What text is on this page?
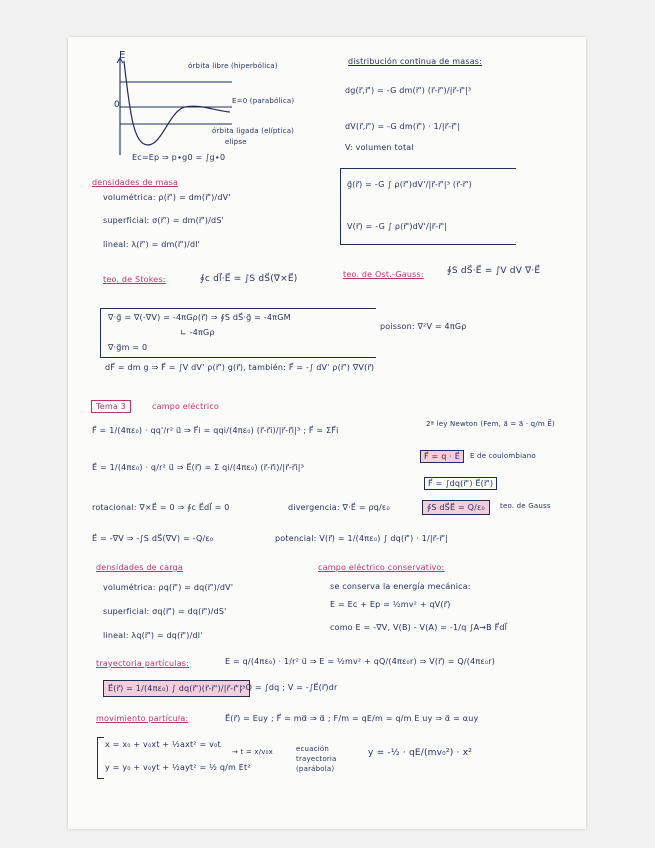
E
0
órbita libre (hiperbólica)
E=0 (parabólica)
órbita ligada (elíptica)
elipse
Ec=Ep ⇒ p∙g0 = ∫g∙0
distribución continua de masas:
dg(r⃗,r⃗') = -G dm(r⃗') (r⃗-r⃗')/|r⃗-r⃗'|³
dV(r⃗,r⃗') = -G dm(r⃗') · 1/|r⃗-r⃗'|
V: volumen total
densidades de masa
volumétrica: ρ(r⃗') = dm(r⃗')/dV'
superficial: σ(r⃗') = dm(r⃗')/dS'
lineal: λ(r⃗') = dm(r⃗')/dl'
g⃗(r⃗) = -G ∫ ρ(r⃗')dV'/|r⃗-r⃗'|³ (r⃗-r⃗')
V(r⃗) = -G ∫ ρ(r⃗')dV'/|r⃗-r⃗'|
teo. de Stokes:	∮c dl⃗·E⃗ = ∫S dS⃗(∇×E⃗)	teo. de Ost.-Gauss:	∮S dS⃗·E⃗ = ∫V dV ∇·E⃗
∇·g⃗ = ∇(-∇V) = -4πGρ(r⃗) ⇒ ∮S dS⃗·g⃗ = -4πGM
∟ -4πGρ
poisson: ∇²V = 4πGρ
∇·g⃗m = 0
dF⃗ = dm g ⇒ F⃗ = ∫V dV' ρ(r⃗') g(r⃗), también: F⃗ = -∫ dV' ρ(r⃗') ∇V(r⃗)
Tema 3	campo eléctrico
F⃗ = 1/(4πε₀) · qq'/r² u⃗ ⇒ F⃗i = qqi/(4πε₀) (r⃗-r⃗i)/|r⃗-r⃗i|³ ; F⃗ = ΣF⃗i
E⃗ = 1/(4πε₀) · q/r² u⃗ ⇒ E⃗(r⃗) = Σ qi/(4πε₀) (r⃗-r⃗i)/|r⃗-r⃗i|³
2ª ley Newton (Fem, a⃗ = a⃗ · q/m E⃗)
F⃗ = q · E⃗	E de coulombiano
F⃗ = ∫dq(r⃗') E⃗(r⃗')
rotacional: ∇×E⃗ = 0 ⇒ ∮c E⃗dl⃗ = 0	divergencia: ∇·E⃗ = ρq/ε₀	∮S dS⃗E⃗ = Q/ε₀	teo. de Gauss
E⃗ = -∇V ⇒ -∫S dS⃗(∇V) = -Q/ε₀	potencial: V(r⃗) = 1/(4πε₀) ∫ dq(r⃗') · 1/|r⃗-r⃗'|
densidades de carga
volumétrica: ρq(r⃗') = dq(r⃗')/dV'
superficial: σq(r⃗') = dq(r⃗')/dS'
lineal: λq(r⃗') = dq(r⃗')/dl'
campo eléctrico conservativo:
se conserva la energía mecánica:
E = Ec + Ep = ½mv² + qV(r⃗)
como E = -∇V, V(B) - V(A) = -1/q ∫A→B F⃗dl⃗
trayectoria partículas:	E = q/(4πε₀) · 1/r² u⃗ ⇒ E = ½mv² + qQ/(4πε₀r) ⇒ V(r⃗) = Q/(4πε₀r)
E⃗(r⃗) = 1/(4πε₀) ∫ dq(r⃗')(r⃗-r⃗')/|r⃗-r⃗'|³
; Q = ∫dq ; V = -∫E⃗(r⃗)dr
movimiento partícula:	E⃗(r⃗) = Euy ; F⃗ = mα⃗ ⇒ α⃗ ; F/m = qE/m = q/m E uy ⇒ α⃗ = αuy
x = x₀ + v₀xt + ½axt² = v₀t
y = y₀ + v₀yt + ½ayt² = ½ q/m Et²
→ t = x/v₀x	ecuación trayectoria (parábola)
y = -½ · qE/(mv₀²) · x²
